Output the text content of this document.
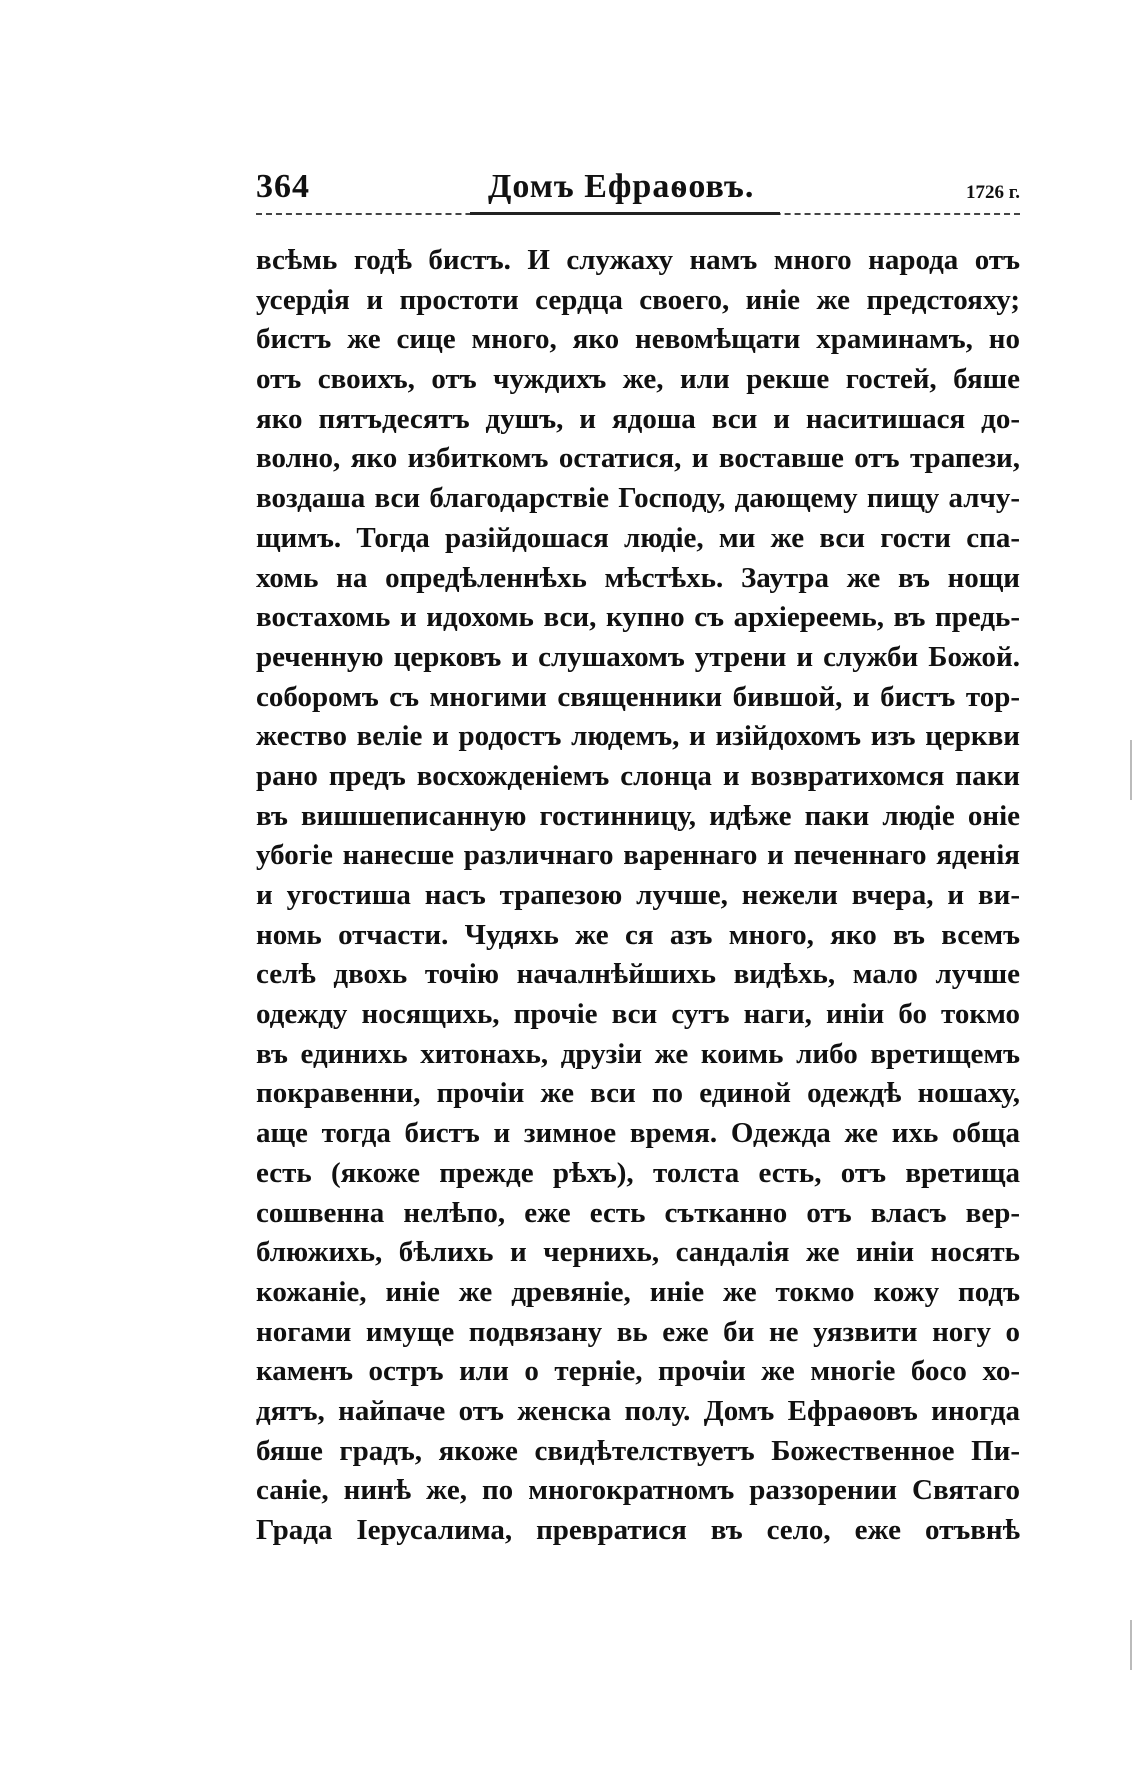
364	Домъ Ефраѳовъ.	1726 г.
всѣмь годѣ бистъ. И служаху намъ много народа отъ
усердія и простоти сердца своего, иніе же предстояху;
бистъ же сице много, яко невомѣщати храминамъ, но
отъ своихъ, отъ чуждихъ же, или рекше гостей, бяше
яко пятъдесятъ душъ, и ядоша вси и наситишася до-
волно, яко избиткомъ остатися, и воставше отъ трапези,
воздаша вси благодарствіе Господу, дающему пищу алчу-
щимъ. Тогда разійдошася людіе, ми же вси гости спа-
хомь на опредѣленнѣхь мѣстѣхь. Заутра же въ нощи
востахомь и идохомь вси, купно съ архіереемь, въ предь-
реченную церковъ и слушахомъ утрени и служби Божой.
соборомъ съ многими священники бившой, и бистъ тор-
жество веліе и родостъ людемъ, и изійдохомъ изъ церкви
рано предъ восхожденіемъ слонца и возвратихомся паки
въ вишшеписанную гостинницу, идѣже паки людіе оніе
убогіе нанесше различнаго вареннаго и печеннаго яденія
и угостиша насъ трапезою лучше, нежели вчера, и ви-
номь отчасти. Чудяхь же ся азъ много, яко въ всемъ
селѣ двохь точію началнѣйшихь видѣхь, мало лучше
одежду носящихь, прочіе вси сутъ наги, иніи бо токмо
въ единихь хитонахь, друзіи же коимь либо вретищемъ
покравенни, прочіи же вси по единой одеждѣ ношаху,
аще тогда бистъ и зимное время. Одежда же ихь обща
есть (якоже прежде рѣхъ), толста есть, отъ вретища
сошвенна нелѣпо, еже есть сътканно отъ власъ вер-
блюжихь, бѣлихь и чернихь, сандалія же иніи носять
кожаніе, иніе же древяніе, иніе же токмо кожу подъ
ногами имуще подвязану вь еже би не уязвити ногу о
каменъ остръ или о терніе, прочіи же многіе босо хо-
дятъ, найпаче отъ женска полу. Домъ Ефраѳовъ иногда
бяше градъ, якоже свидѣтелствуетъ Божественное Пи-
саніе, нинѣ же, по многократномъ раззорении Святаго
Града Іерусалима, превратися въ село, еже отъвнѣ
